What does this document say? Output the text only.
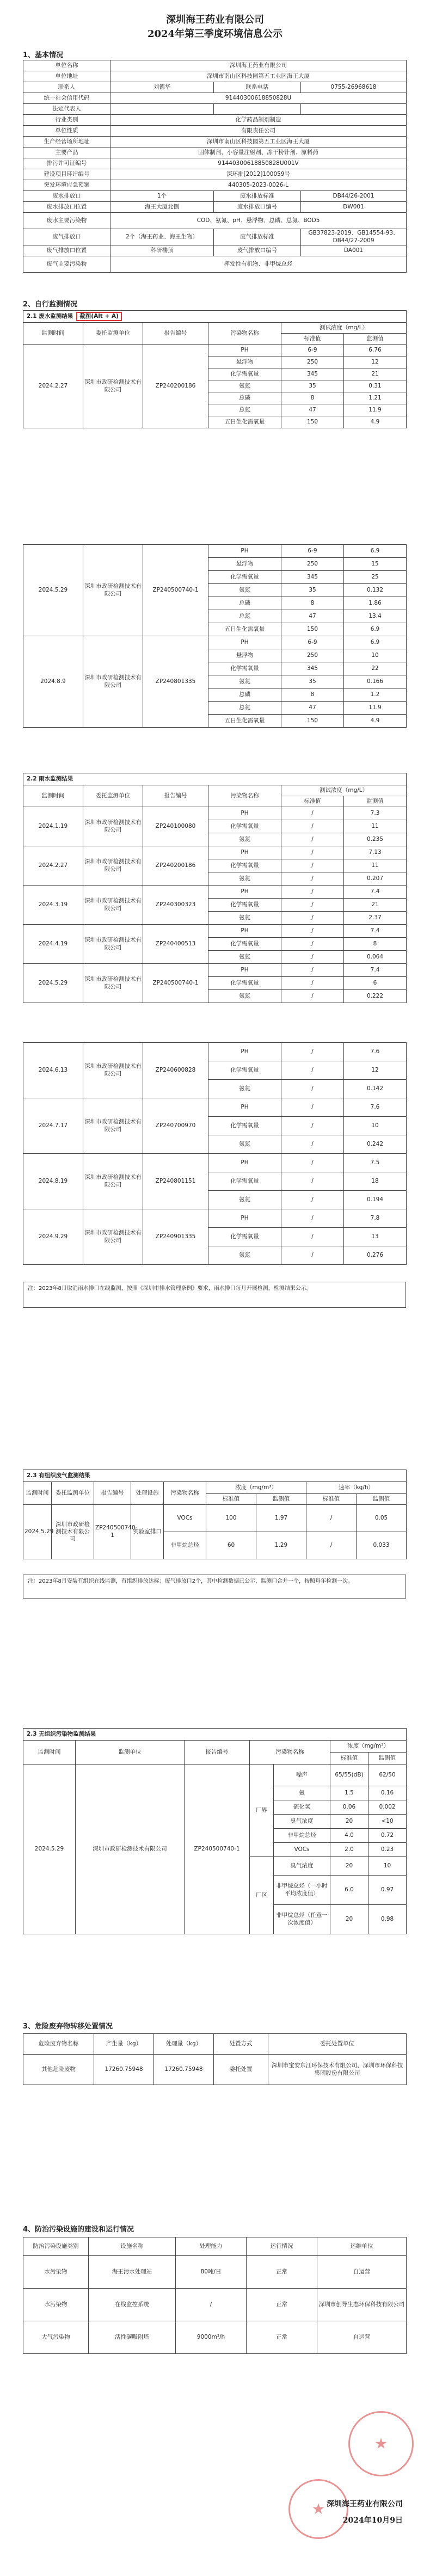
深圳海王药业有限公司
2024年第三季度环境信息公示
1、基本情况
单位名称	深圳海王药业有限公司		
单位地址	深圳市南山区科技园第五工业区海王大厦		
联系人	刘德华	联系电话	0755-26968618
统一社会信用代码	91440300618850828U		
法定代表人			
行业类别	化学药品制剂制造		
单位性质	有限责任公司		
生产经营场所地址	深圳市南山区科技园第五工业区海王大厦		
主要产品	固体制剂、小容量注射剂、冻干粉针剂、原料药		
排污许可证编号	91440300618850828U001V		
建设项目环评编号	深环批[2012]100059号		
突发环境应急预案	440305-2023-0026-L		
废水排放口	1个	废水排放标准	DB44/26-2001
废水排放口位置	海王大厦北侧	废水排放口编号	DW001
废水主要污染物	COD、氨氮、pH、悬浮物、总磷、总氮、BOD5		
废气排放口	2个（海王药业、海王生物）	废气排放标准	GB37823-2019、GB14554-93、DB44/27-2009
废气排放口位置	科研楼顶	废气排放口编号	DA001
废气主要污染物	挥发性有机物、非甲烷总烃		
2、自行监测情况
2.1 废水监测结果 截图(Alt + A)					
监测时间	委托监测单位	报告编号	污染物名称	测试浓度（mg/L）	
				标准值	监测值
2024.2.27	深圳市政研检测技术有限公司	ZP240200186	PH	6-9	6.76
			悬浮物	250	12
			化学需氧量	345	21
			氨氮	35	0.31
			总磷	8	1.21
			总氮	47	11.9
			五日生化需氧量	150	4.9
2024.5.29	深圳市政研检测技术有限公司	ZP240500740-1	PH	6-9	6.9
			悬浮物	250	15
			化学需氧量	345	25
			氨氮	35	0.132
			总磷	8	1.86
			总氮	47	13.4
			五日生化需氧量	150	6.9
2024.8.9	深圳市政研检测技术有限公司	ZP240801335	PH	6-9	6.9
			悬浮物	250	10
			化学需氧量	345	22
			氨氮	35	0.166
			总磷	8	1.2
			总氮	47	11.9
			五日生化需氧量	150	4.9
2.2 雨水监测结果					
监测时间	委托监测单位	报告编号	污染物名称	测试浓度（mg/L）	
				标准值	监测值
2024.1.19	深圳市政研检测技术有限公司	ZP240100080	PH	/	7.3
			化学需氧量	/	11
			氨氮	/	0.235
2024.2.27	深圳市政研检测技术有限公司	ZP240200186	PH	/	7.13
			化学需氧量	/	11
			氨氮	/	0.207
2024.3.19	深圳市政研检测技术有限公司	ZP240300323	PH	/	7.4
			化学需氧量	/	21
			氨氮	/	2.37
2024.4.19	深圳市政研检测技术有限公司	ZP240400513	PH	/	7.4
			化学需氧量	/	8
			氨氮	/	0.064
2024.5.29	深圳市政研检测技术有限公司	ZP240500740-1	PH	/	7.4
			化学需氧量	/	6
			氨氮	/	0.222
2024.6.13	深圳市政研检测技术有限公司	ZP240600828	PH	/	7.6
			化学需氧量	/	12
			氨氮	/	0.142
2024.7.17	深圳市政研检测技术有限公司	ZP240700970	PH	/	7.6
			化学需氧量	/	10
			氨氮	/	0.242
2024.8.19	深圳市政研检测技术有限公司	ZP240801151	PH	/	7.5
			化学需氧量	/	18
			氨氮	/	0.194
2024.9.29	深圳市政研检测技术有限公司	ZP240901335	PH	/	7.8
			化学需氧量	/	13
			氨氮	/	0.276
注：2023年8月取消雨水排口在线监测，按照《深圳市排水管理条例》要求，雨水排口每月开展检测，检测结果公示。
2.3 有组织废气监测结果								
监测时间	委托监测单位	报告编号	处理设施	污染物名称	浓度（mg/m³）		速率（kg/h）	
					标准值	监测值	标准值	监测值
2024.5.29	深圳市政研检测技术有限公司	ZP240500740-1	实验室排口	VOCs	100	1.97	/	0.05
				非甲烷总烃	60	1.29	/	0.033
注：2023年8月安装有组织在线监测，有组织排放达标；废气排放口2个，其中检测数据已公示，监测口合并一个，按照每年检测一次。
2.3 无组织污染物监测结果						
监测时间	监测单位	报告编号	污染物名称		浓度（mg/m³）	
					标准值	监测值
2024.5.29	深圳市政研检测技术有限公司	ZP240500740-1	厂界	噪声	65/55(dB)	62/50
				氨	1.5	0.16
				硫化氢	0.06	0.002
				臭气浓度	20	<10
				非甲烷总烃	4.0	0.72
				VOCs	2.0	0.23
			厂区	臭气浓度	20	10
				非甲烷总烃（一小时平均浓度值）	6.0	0.97
				非甲烷总烃（任意一次浓度值）	20	0.98
3、危险废弃物转移处置情况
危险废弃物名称	产生量（kg）	处理量（kg）	处置方式	委托处置单位
其他危险废物	17260.75948	17260.75948	委托处置	深圳市宝安东江环保技术有限公司、深圳市环保科技集团股份有限公司
4、防治污染设施的建设和运行情况
防治污染设施类别	设施名称	处理能力	运行情况	运维单位
水污染物	海王污水处理站	80吨/日	正常	自运营
水污染物	在线监控系统	/	正常	深圳市创导生态环保科技有限公司
大气污染物	活性碳吸附塔	9000m³/h	正常	自运营
深圳海王药业有限公司
2024年10月9日
